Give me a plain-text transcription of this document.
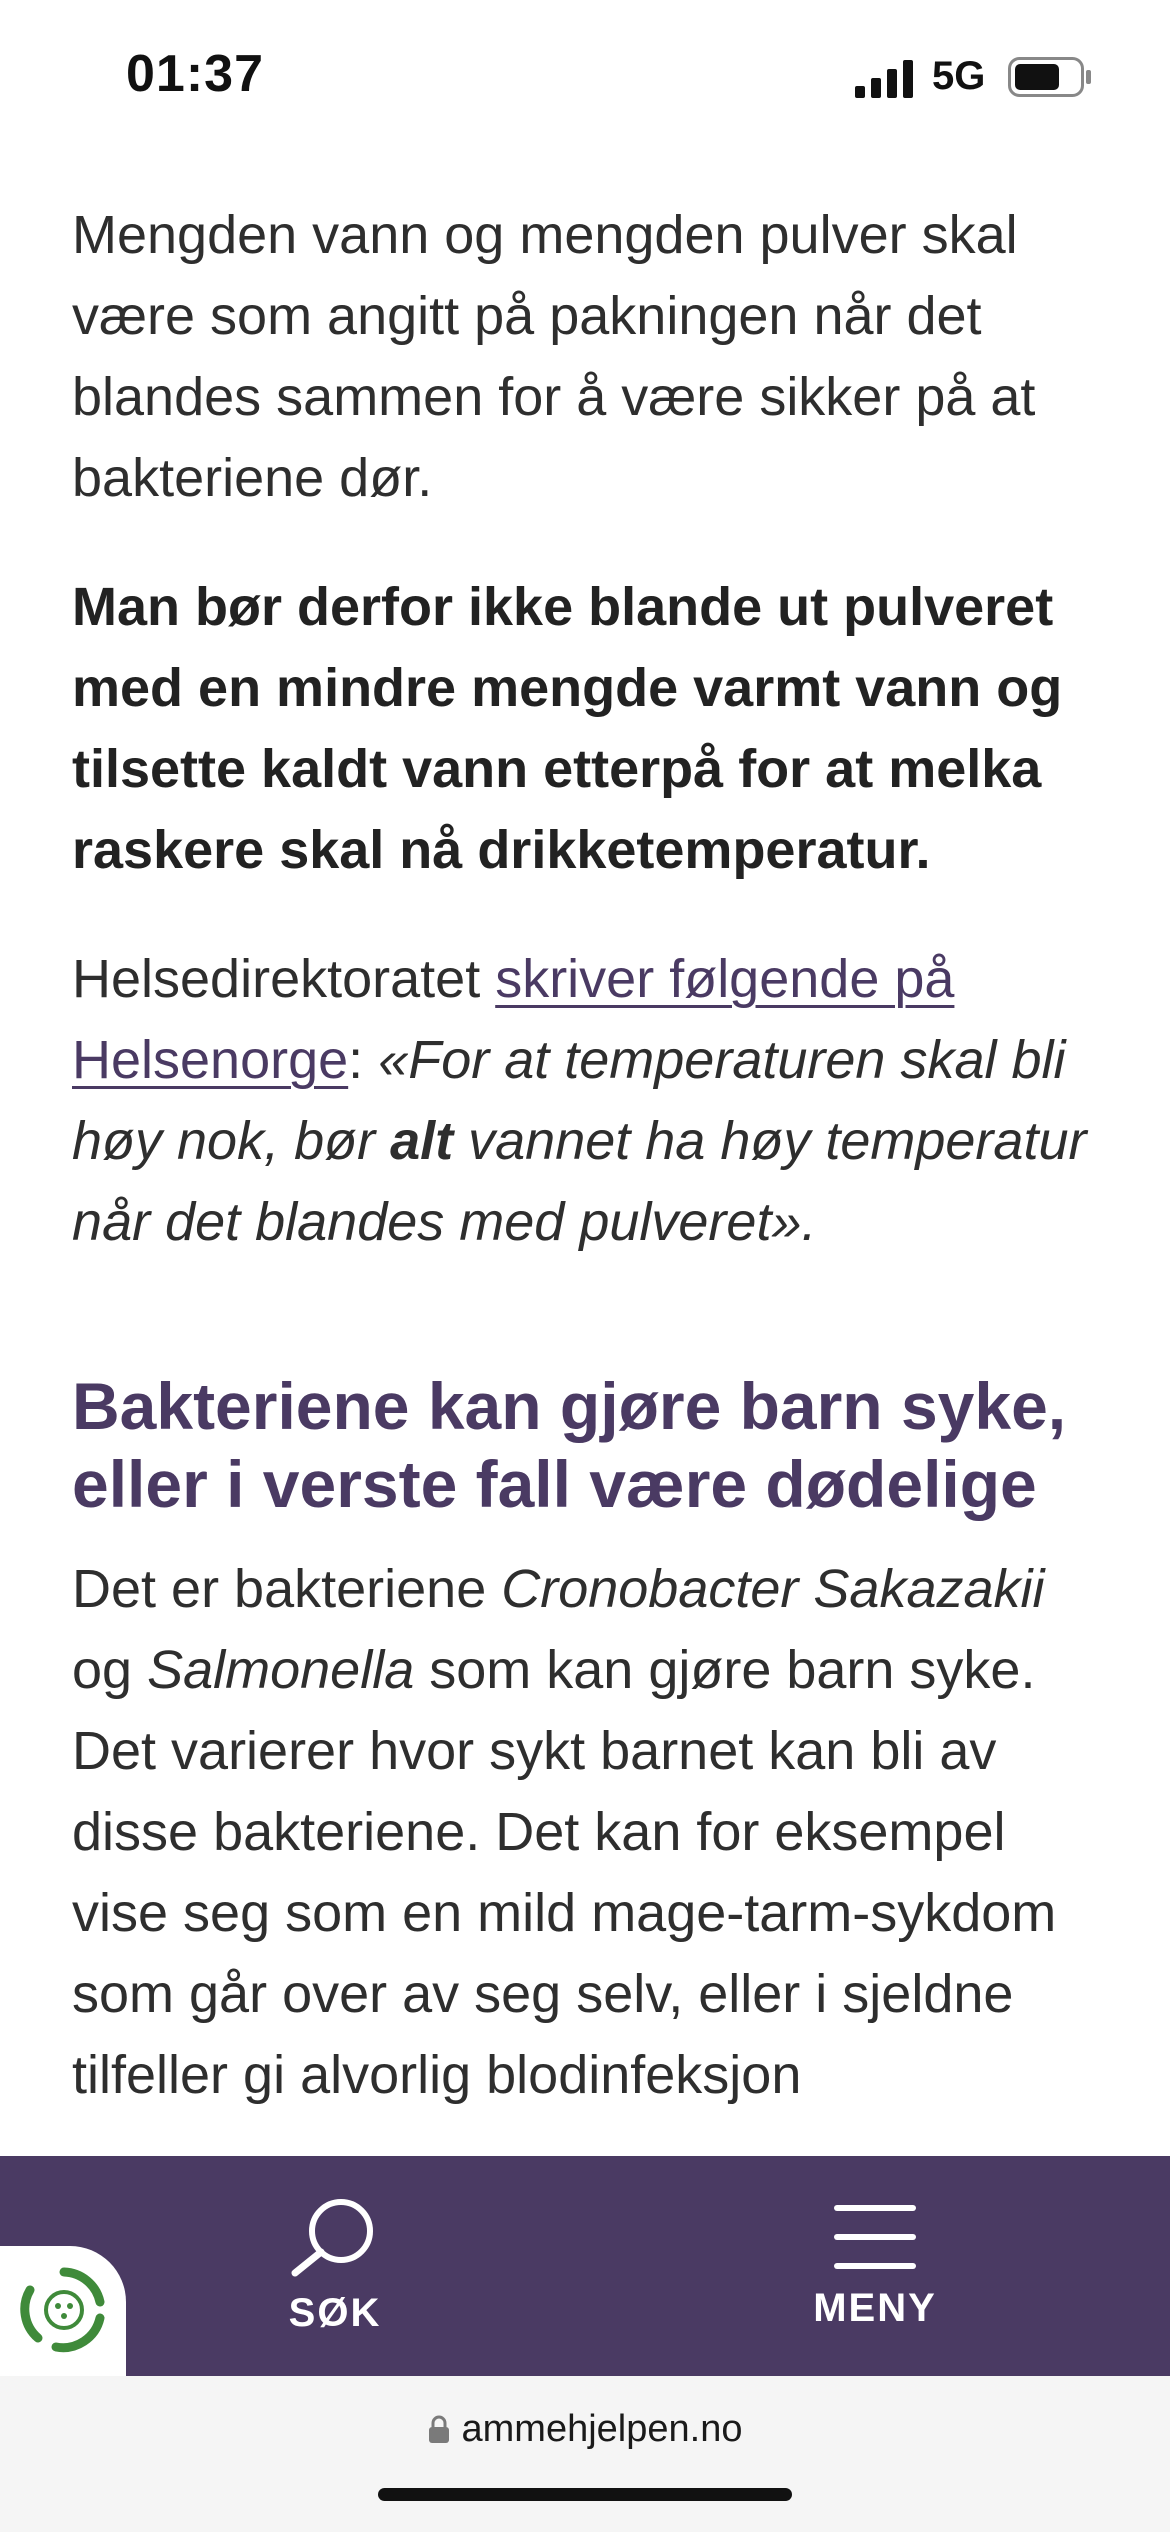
01:37	5G

Mengden vann og mengden pulver skal være som angitt på pakningen når det blandes sammen for å være sikker på at bakteriene dør.

Man bør derfor ikke blande ut pulveret med en mindre mengde varmt vann og tilsette kaldt vann etterpå for at melka raskere skal nå drikketemperatur.

Helsedirektoratet skriver følgende på Helsenorge: «For at temperaturen skal bli høy nok, bør alt vannet ha høy temperatur når det blandes med pulveret».

Bakteriene kan gjøre barn syke, eller i verste fall være dødelige

Det er bakteriene Cronobacter Sakazakii og Salmonella som kan gjøre barn syke. Det varierer hvor sykt barnet kan bli av disse bakteriene. Det kan for eksempel vise seg som en mild mage-tarm-sykdom som går over av seg selv, eller i sjeldne tilfeller gi alvorlig blodinfeksjon

SØK	MENY
ammehjelpen.no
